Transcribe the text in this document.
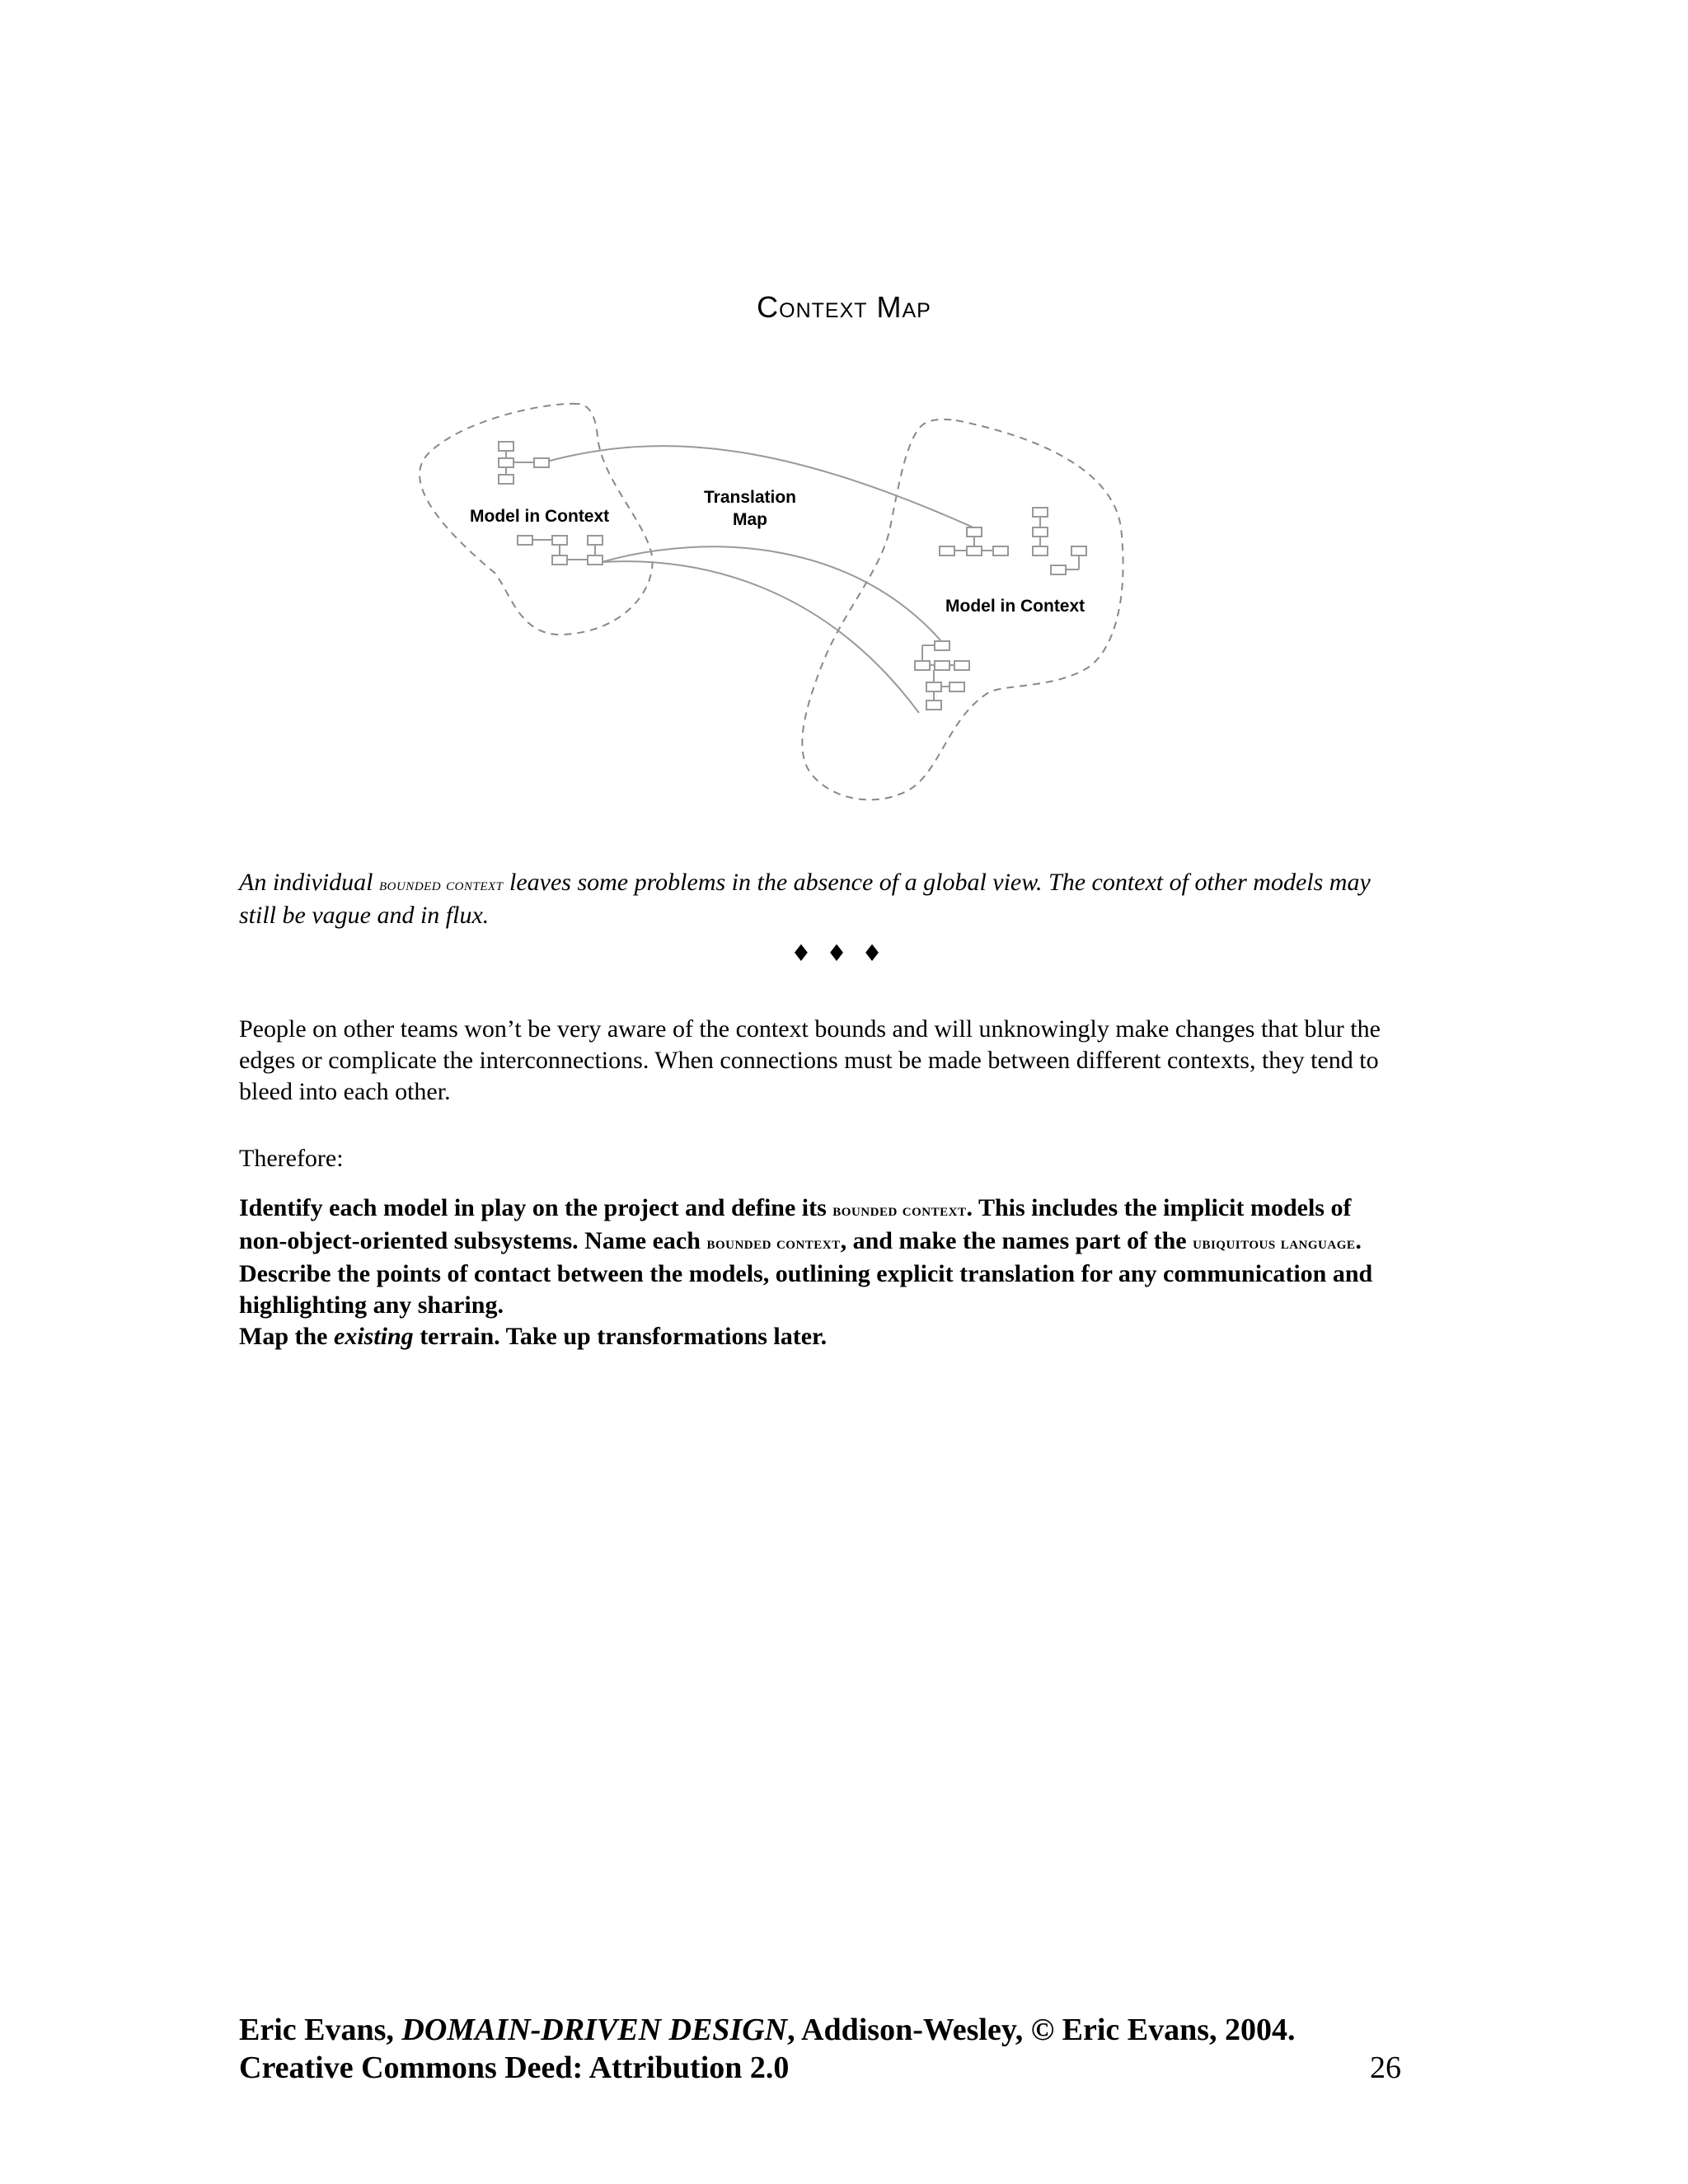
Context Map
Model in Context
Translation
Map
Model in Context
An individual bounded context leaves some problems in the absence of a global view. The context of other models may still be vague and in flux.
♦♦♦
People on other teams won’t be very aware of the context bounds and will unknowingly make changes that blur the edges or complicate the interconnections. When connections must be made between different contexts, they tend to bleed into each other.
Therefore:
Identify each model in play on the project and define its bounded context. This includes the implicit models of non-object-oriented subsystems. Name each bounded context, and make the names part of the ubiquitous language.
Describe the points of contact between the models, outlining explicit translation for any communication and highlighting any sharing.
Map the existing terrain. Take up transformations later.
Eric Evans, DOMAIN-DRIVEN DESIGN, Addison-Wesley, © Eric Evans, 2004.
Creative Commons Deed: Attribution 2.0	26
